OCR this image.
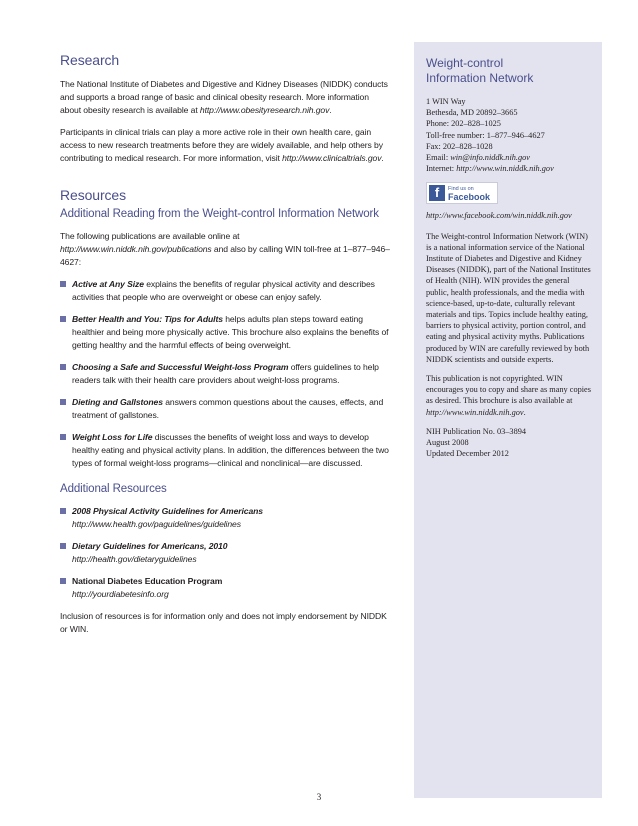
Research
The National Institute of Diabetes and Digestive and Kidney Diseases (NIDDK) conducts and supports a broad range of basic and clinical obesity research. More information about obesity research is available at http://www.obesityresearch.nih.gov.
Participants in clinical trials can play a more active role in their own health care, gain access to new research treatments before they are widely available, and help others by contributing to medical research. For more information, visit http://www.clinicaltrials.gov.
Resources
Additional Reading from the Weight-control Information Network
The following publications are available online at http://www.win.niddk.nih.gov/publications and also by calling WIN toll-free at 1–877–946–4627:
Active at Any Size explains the benefits of regular physical activity and describes activities that people who are overweight or obese can enjoy safely.
Better Health and You: Tips for Adults helps adults plan steps toward eating healthier and being more physically active. This brochure also explains the benefits of getting healthy and the harmful effects of being overweight.
Choosing a Safe and Successful Weight-loss Program offers guidelines to help readers talk with their health care providers about weight-loss programs.
Dieting and Gallstones answers common questions about the causes, effects, and treatment of gallstones.
Weight Loss for Life discusses the benefits of weight loss and ways to develop healthy eating and physical activity plans. In addition, the differences between the two types of formal weight-loss programs—clinical and nonclinical—are discussed.
Additional Resources
2008 Physical Activity Guidelines for Americans
http://www.health.gov/paguidelines/guidelines
Dietary Guidelines for Americans, 2010
http://health.gov/dietaryguidelines
National Diabetes Education Program
http://yourdiabetesinfo.org
Inclusion of resources is for information only and does not imply endorsement by NIDDK or WIN.
Weight-control
Information Network
1 WIN Way
Bethesda, MD 20892–3665
Phone: 202–828–1025
Toll-free number: 1–877–946–4627
Fax: 202–828–1028
Email: win@info.niddk.nih.gov
Internet: http://www.win.niddk.nih.gov
f	Find us on
Facebook
http://www.facebook.com/win.niddk.nih.gov
The Weight-control Information Network (WIN) is a national information service of the National Institute of Diabetes and Digestive and Kidney Diseases (NIDDK), part of the National Institutes of Health (NIH). WIN provides the general public, health professionals, and the media with science-based, up-to-date, culturally relevant materials and tips. Topics include healthy eating, barriers to physical activity, portion control, and eating and physical activity myths. Publications produced by WIN are carefully reviewed by both NIDDK scientists and outside experts.
This publication is not copyrighted. WIN encourages you to copy and share as many copies as desired. This brochure is also available at http://www.win.niddk.nih.gov.
NIH Publication No. 03–3894
August 2008
Updated December 2012
3
